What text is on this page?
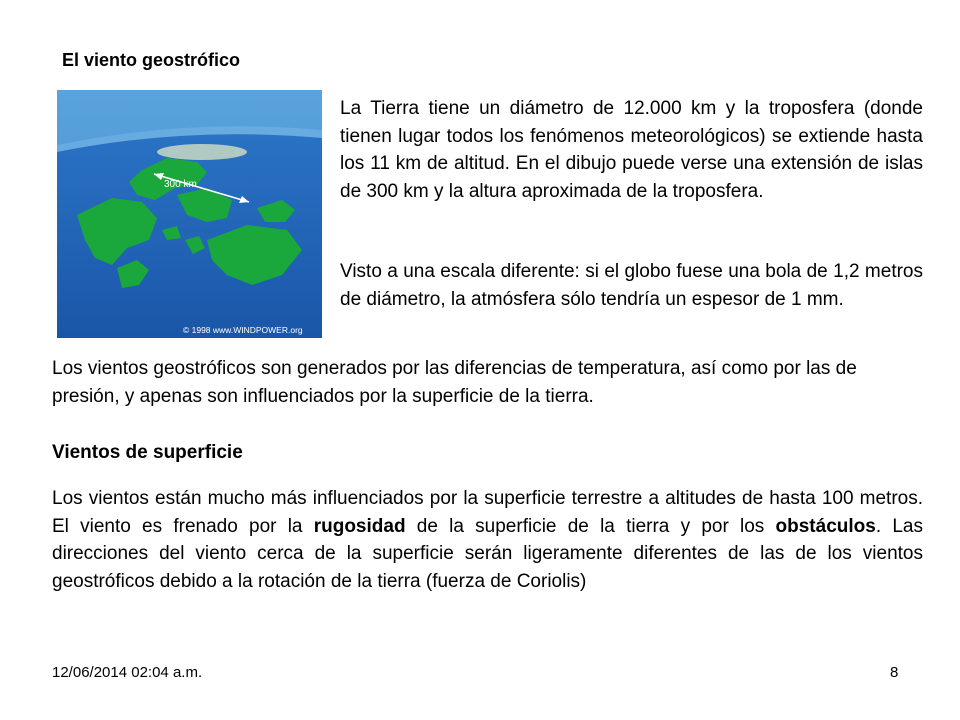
El viento geostrófico
300 km
© 1998 www.WINDPOWER.org

La Tierra tiene un diámetro de 12.000 km y la troposfera (donde tienen lugar todos los fenómenos meteorológicos) se extiende hasta los 11 km de altitud. En el dibujo puede verse una extensión de islas de 300 km y la altura aproximada de la troposfera.

Visto a una escala diferente: si el globo fuese una bola de 1,2 metros de diámetro, la atmósfera sólo tendría un espesor de 1 mm.

Los vientos geostróficos son generados por las diferencias de temperatura, así como por las de presión, y apenas son influenciados por la superficie de la tierra.

Vientos de superficie

Los vientos están mucho más influenciados por la superficie terrestre a altitudes de hasta 100 metros. El viento es frenado por la rugosidad de la superficie de la tierra y por los obstáculos. Las direcciones del viento cerca de la superficie serán ligeramente diferentes de las de los vientos geostróficos debido a la rotación de la tierra (fuerza de Coriolis)

12/06/2014 02:04 a.m.	8
